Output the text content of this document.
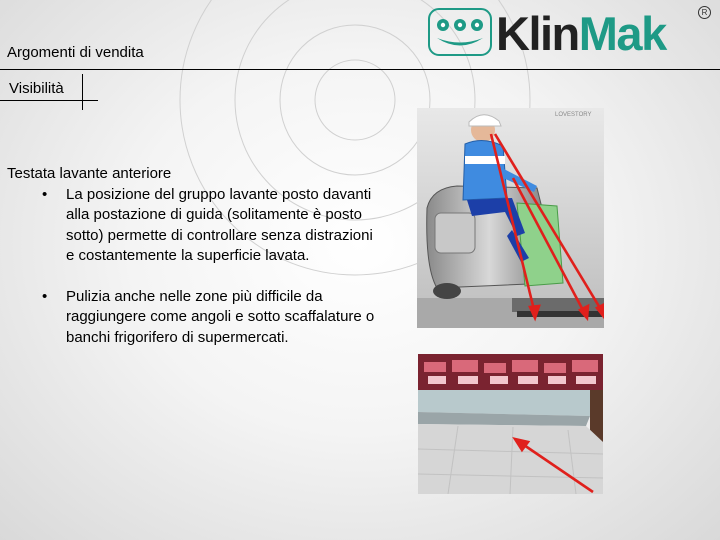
Argomenti di vendita
Visibilità
KlinMak	R
Testata lavante anteriore
• La posizione del gruppo lavante posto davanti alla postazione di guida (solitamente è posto sotto) permette di controllare senza distrazioni e costantemente la superficie lavata.
• Pulizia anche nelle zone più difficile da raggiungere come angoli e sotto scaffalature o banchi frigorifero di supermercati.
LOVESTORY
